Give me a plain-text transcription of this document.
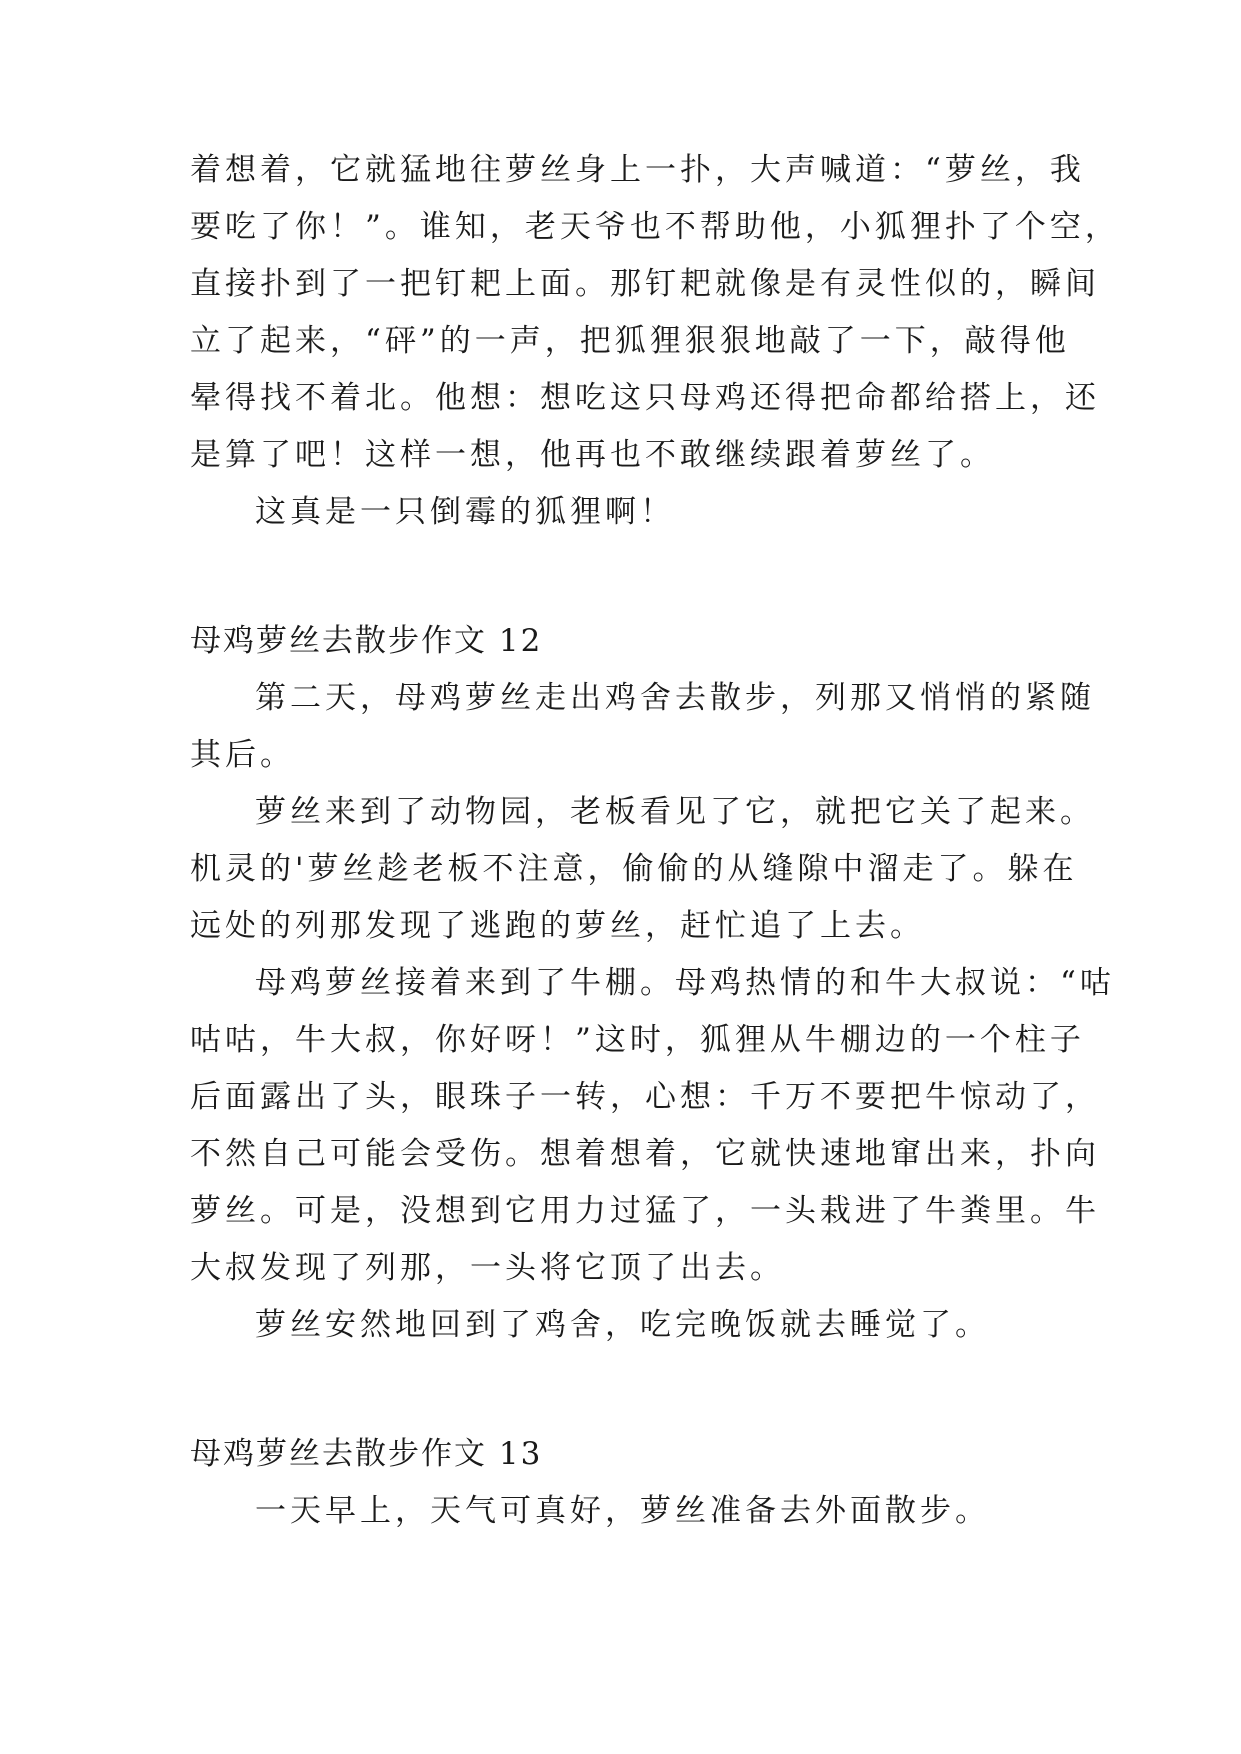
着想着，它就猛地往萝丝身上一扑，大声喊道：“萝丝，我
要吃了你！”。谁知，老天爷也不帮助他，小狐狸扑了个空，
直接扑到了一把钉耙上面。那钉耙就像是有灵性似的，瞬间
立了起来，“砰”的一声，把狐狸狠狠地敲了一下，敲得他
晕得找不着北。他想：想吃这只母鸡还得把命都给搭上，还
是算了吧！这样一想，他再也不敢继续跟着萝丝了。
这真是一只倒霉的狐狸啊！
母鸡萝丝去散步作文 12
第二天，母鸡萝丝走出鸡舍去散步，列那又悄悄的紧随
其后。
萝丝来到了动物园，老板看见了它，就把它关了起来。
机灵的'萝丝趁老板不注意，偷偷的从缝隙中溜走了。躲在
远处的列那发现了逃跑的萝丝，赶忙追了上去。
母鸡萝丝接着来到了牛棚。母鸡热情的和牛大叔说：“咕
咕咕，牛大叔，你好呀！”这时，狐狸从牛棚边的一个柱子
后面露出了头，眼珠子一转，心想：千万不要把牛惊动了，
不然自己可能会受伤。想着想着，它就快速地窜出来，扑向
萝丝。可是，没想到它用力过猛了，一头栽进了牛粪里。牛
大叔发现了列那，一头将它顶了出去。
萝丝安然地回到了鸡舍，吃完晚饭就去睡觉了。
母鸡萝丝去散步作文 13
一天早上，天气可真好，萝丝准备去外面散步。
